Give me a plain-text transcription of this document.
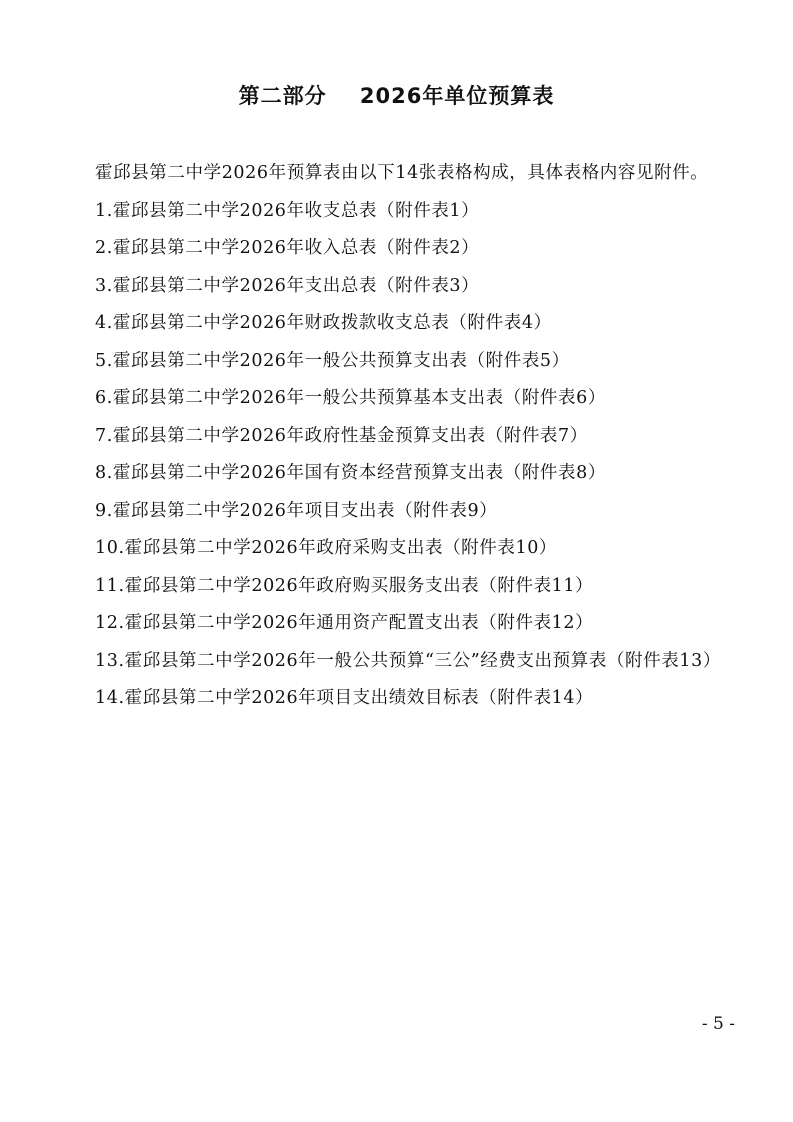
第二部分    2026年单位预算表

霍邱县第二中学2026年预算表由以下14张表格构成，具体表格内容见附件。

1.霍邱县第二中学2026年收支总表（附件表1）
2.霍邱县第二中学2026年收入总表（附件表2）
3.霍邱县第二中学2026年支出总表（附件表3）
4.霍邱县第二中学2026年财政拨款收支总表（附件表4）
5.霍邱县第二中学2026年一般公共预算支出表（附件表5）
6.霍邱县第二中学2026年一般公共预算基本支出表（附件表6）
7.霍邱县第二中学2026年政府性基金预算支出表（附件表7）
8.霍邱县第二中学2026年国有资本经营预算支出表（附件表8）
9.霍邱县第二中学2026年项目支出表（附件表9）
10.霍邱县第二中学2026年政府采购支出表（附件表10）
11.霍邱县第二中学2026年政府购买服务支出表（附件表11）
12.霍邱县第二中学2026年通用资产配置支出表（附件表12）
13.霍邱县第二中学2026年一般公共预算“三公”经费支出预算表（附件表13）
14.霍邱县第二中学2026年项目支出绩效目标表（附件表14）
- 5 -
